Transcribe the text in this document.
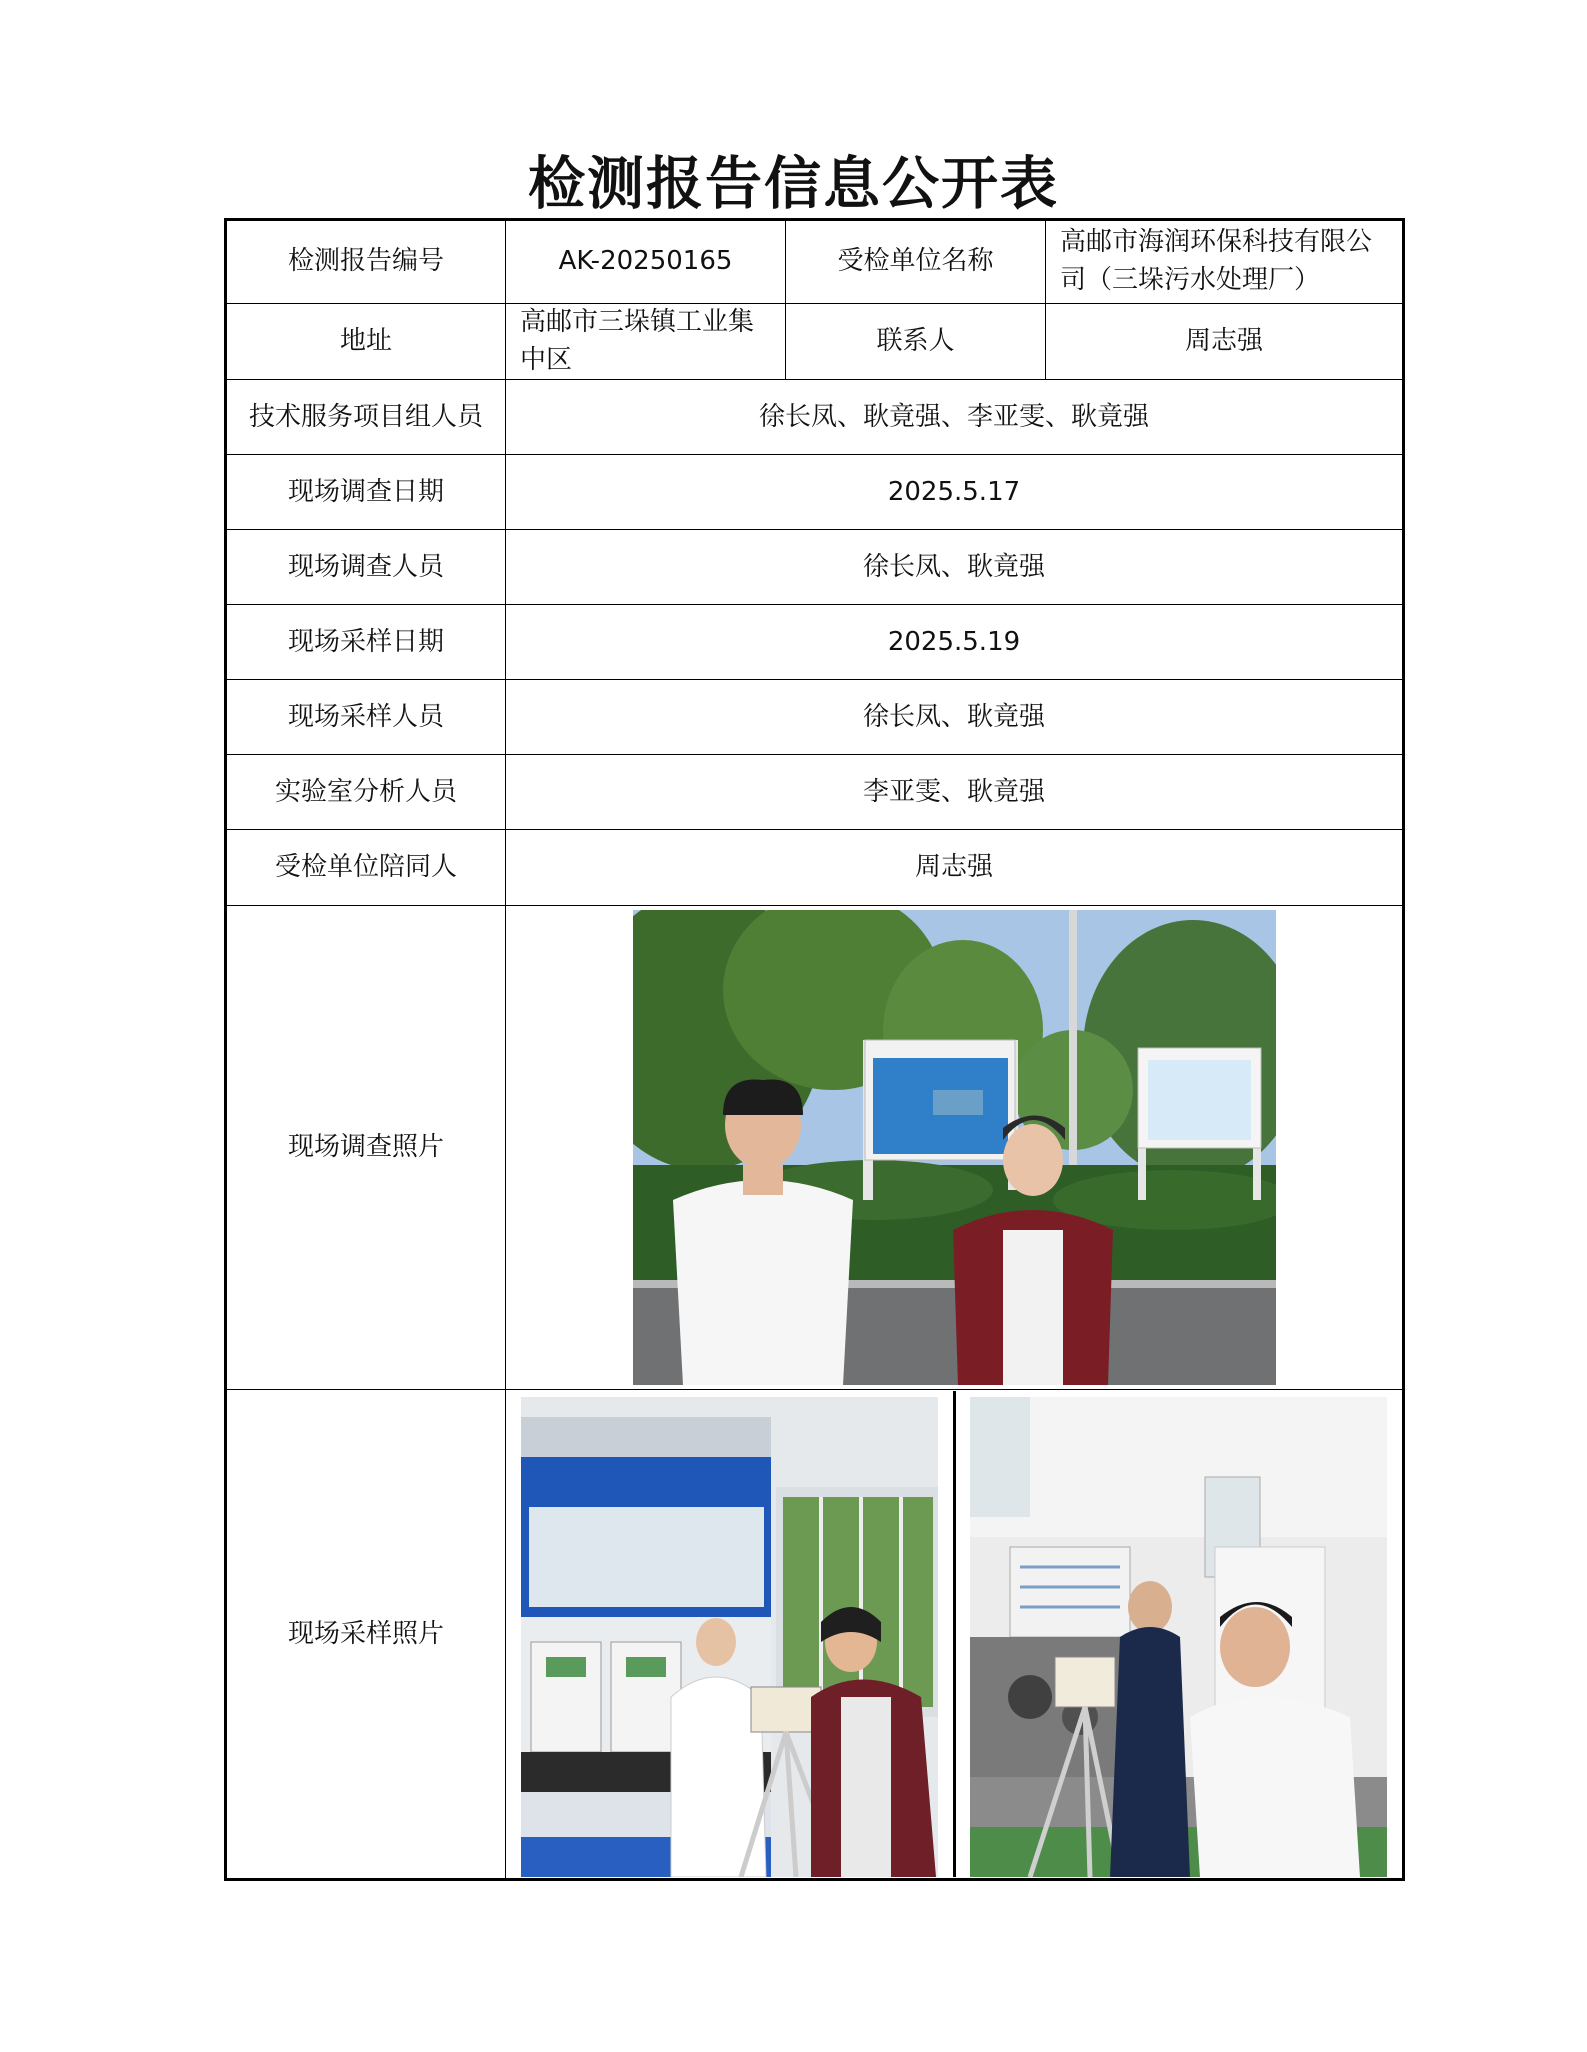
检测报告信息公开表
检测报告编号	AK-20250165	受检单位名称	高邮市海润环保科技有限公司（三垛污水处理厂）
地址	高邮市三垛镇工业集中区	联系人	周志强
技术服务项目组人员	徐长凤、耿竟强、李亚雯、耿竟强		
现场调查日期	2025.5.17		
现场调查人员	徐长凤、耿竟强		
现场采样日期	2025.5.19		
现场采样人员	徐长凤、耿竟强		
实验室分析人员	李亚雯、耿竟强		
受检单位陪同人	周志强		
现场调查照片	

现场采样照片	
